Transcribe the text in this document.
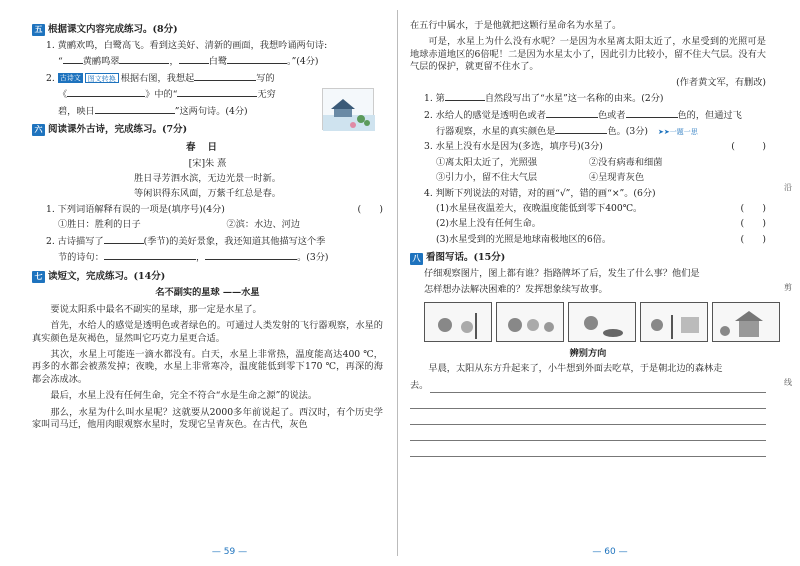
五 根据课文内容完成练习。(8分)
1. 黄鹂欢鸣，白鹭高飞。看到这美好、清新的画面，我想吟诵两句诗:
“ 黄鹂鸣翠	，	白鹭	。”(4分)
2. 古诗文 图文转换 根据右图，我想起	写的
《	》中的“	无穷
碧，映日	”这两句诗。(4分)
六 阅读课外古诗，完成练习。(7分)
春日
[宋]朱 熹
胜日寻芳泗水滨，无边光景一时新。
等闲识得东风面，万紫千红总是春。
1. 下列词语解释有误的一项是(填序号)(4分)	(　　)
①胜日：胜利的日子	②滨：水边、河边
2. 古诗描写了	(季节)的美好景象，我还知道其他描写这个季
节的诗句：	，	。(3分)
七 读短文，完成练习。(14分)
名不副实的星球 ——水星
要说太阳系中最名不副实的星球，那一定是水星了。
首先，水给人的感觉是透明色或者绿色的。可通过人类发射的飞行器观察，水星的真实颜色是灰褐色，显然叫它巧克力星更合适。
其次，水星上可能连一滴水都没有。白天，水星上非常热，温度能高达400 ℃，再多的水都会被蒸发掉；夜晚，水星上非常寒冷，温度能低到零下170 ℃，再深的海都会冻成冰。
最后，水星上没有任何生命，完全不符合“水是生命之源”的说法。
那么，水星为什么叫水星呢？这就要从2000多年前说起了。西汉时，有个历史学家叫司马迁，他用肉眼观察水星时，发现它呈青灰色。在古代，灰色
— 59 —
在五行中属水，于是他就把这颗行星命名为水星了。
可是，水星上为什么没有水呢？一是因为水星离太阳太近了，水星受到的光照可是地球赤道地区的6倍呢！二是因为水星太小了，因此引力比较小，留不住大气层。没有大气层的保护，就更留不住水了。
(作者黄文军，有删改)
1. 第	自然段写出了“水星”这一名称的由来。(2分)
2. 水给人的感觉是透明色或者	色或者	色的，但通过飞
行器观察，水星的真实颜色是	色。(3分) ➤➤一题一思
3. 水星上没有水是因为(多选，填序号)(3分)	(　　　)
①离太阳太近了，光照强	②没有病毒和细菌
③引力小，留不住大气层	④呈现青灰色
4. 判断下列说法的对错，对的画“√”，错的画“×”。(6分)
(1)水星昼夜温差大，夜晚温度能低到零下400℃。	(　　)
(2)水星上没有任何生命。	(　　)
(3)水星受到的光照是地球南极地区的6倍。	(　　)
八 看图写话。(15分)
仔细观察图片，图上都有谁？指路牌坏了后，发生了什么事？他们是
怎样想办法解决困难的？发挥想象续写故事。
辨别方向
早晨，太阳从东方升起来了，小牛想到外面去吃草，于是朝北边的森林走
去。
— 60 —
沿
剪
线
